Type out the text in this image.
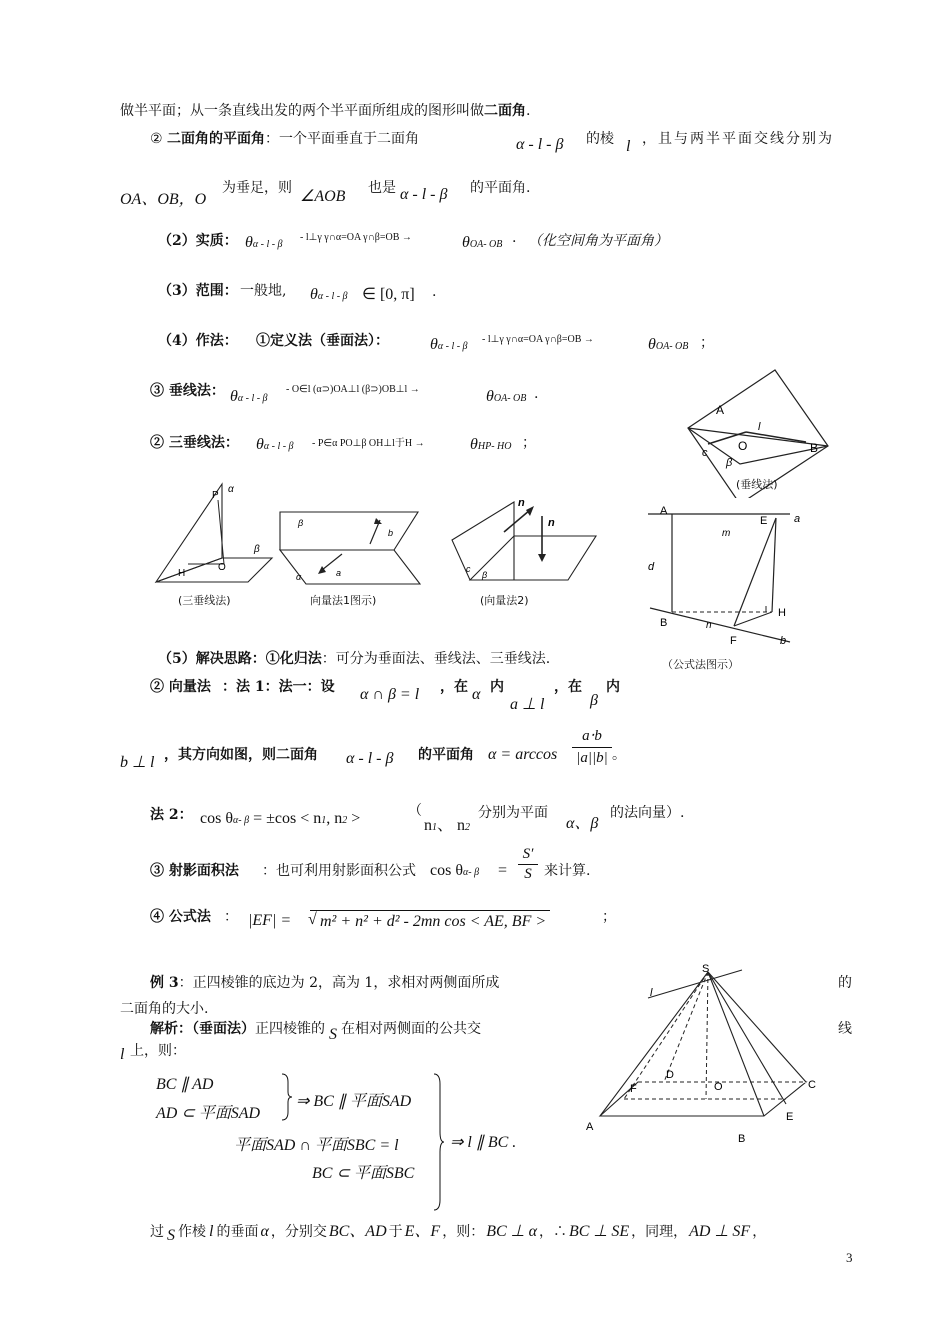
做半平面；从一条直线出发的两个半平面所组成的图形叫做二面角.
② 二面角的平面角：一个平面垂直于二面角	α - l - β 的棱 l ，且与两半平面交线分别为
OA、OB，O
为垂足，则 ∠AOB 也是 α - l - β 的平面角.
（2）实质： θα - l - β
- l⊥γ γ∩α=OA γ∩β=OB →	θOA- OB . （化空间角为平面角）
（3）范围： 一般地, θα - l - β ∈ [0, π] .
（4）作法： ①定义法（垂面法）：	θα - l - β
- l⊥γ γ∩α=OA γ∩β=OB →	θOA- OB ；
③ 垂线法： θα - l - β
- O∈l (α⊃)OA⊥l (β⊃)OB⊥l →	θOA- OB .
② 三垂线法： θα - l - β - P∈α PO⊥β OH⊥l于H →	θHP- HO ；
A
l
O	B
c
β
(垂线法)
P
α
β
H
O
(三垂线法)
β
b
α	a
向量法1图示)
n
n
c
β
(向量法2)
A
E a
m
d
B	n
H
F	b
（公式法图示）
（5）解决思路：①化归法：可分为垂面法、垂线法、三垂线法.
② 向量法 ：法 1：法一：设 α ∩ β = l ，在 α 内
a ⊥ l
，在
β
内
b ⊥ l ，其方向如图，则二面角 α - l - β 的平面角 α = arccos
a⋅b
|a||b| 。
法 2： cos θα- β = ±cos < n1, n2 >	（
n1、 n2
分别为平面
α、β
的法向量）.
③ 射影面积法 ：也可利用射影面积公式 cos θα- β =
S′
S 来计算.
④ 公式法 ： |EF| = √ m² + n² + d² - 2mn cos < AE, BF >	；
例 3：正四棱锥的底边为 2，高为 1，求相对两侧面所成	的
二面角的大小.
解析：（垂面法）正四棱锥的 S 在相对两侧面的公共交	线
l 上，则：
BC ∥ AD
AD ⊂ 平面SAD
⇒ BC ∥ 平面SAD
平面SAD ∩ 平面SBC = l
BC ⊂ 平面SBC
⇒ l ∥ BC .
S
l
D
O	C
F
E
A
B
过 S 作棱 l 的垂面 α ，分别交 BC、AD 于 E、F ，则： BC ⊥ α ，∴ BC ⊥ SE ，同理， AD ⊥ SF ，
3
